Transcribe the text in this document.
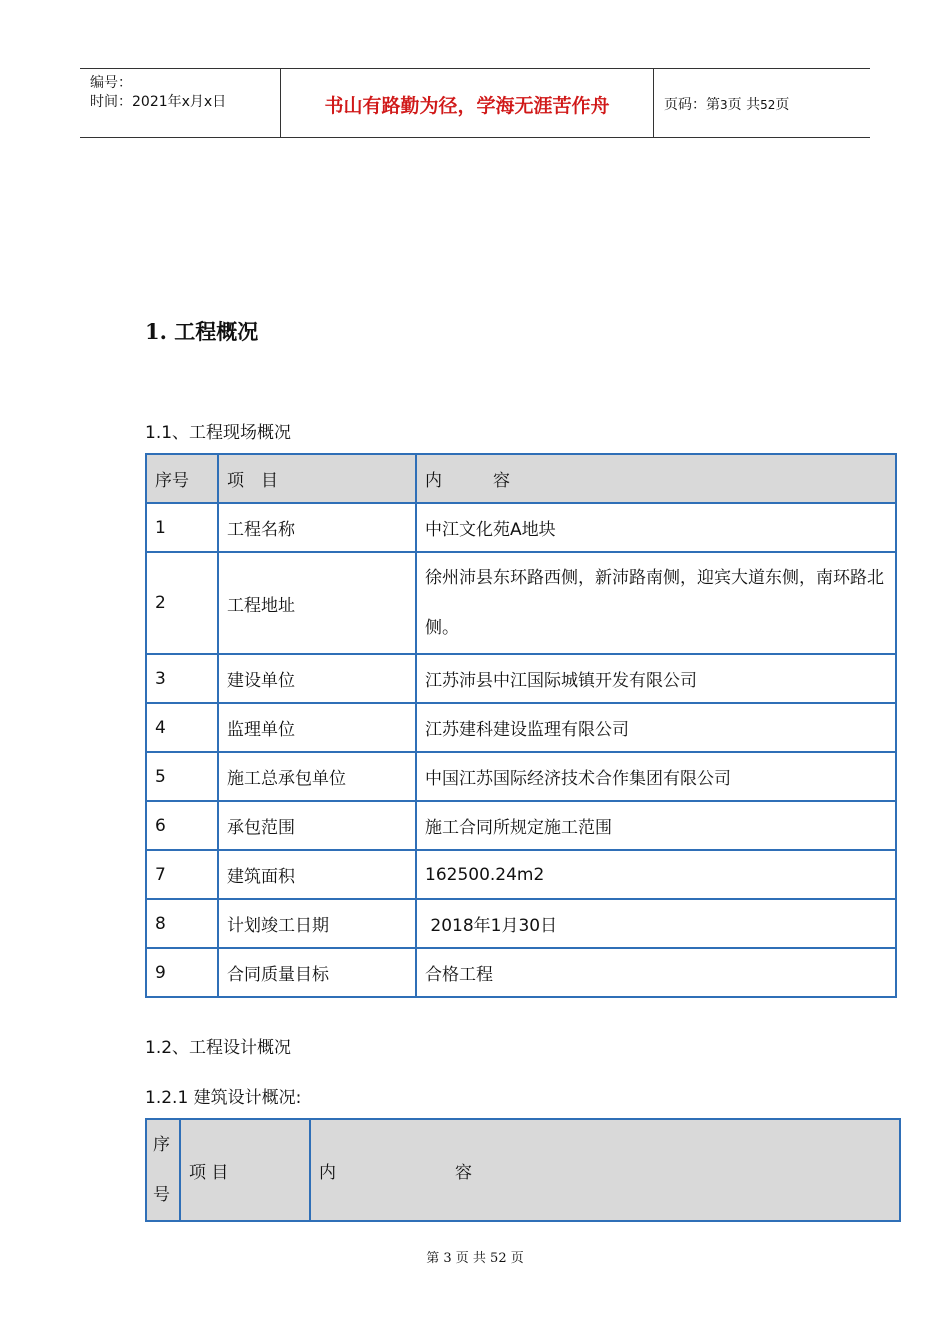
编号：
时间：2021年x月x日	书山有路勤为径，学海无涯苦作舟	页码：第3页 共52页
1. 工程概况
1.1、工程现场概况
序号	项　目	内　　　容
1	工程名称	中江文化苑A地块
2	工程地址	徐州沛县东环路西侧，新沛路南侧，迎宾大道东侧，南环路北侧。
3	建设单位	江苏沛县中江国际城镇开发有限公司
4	监理单位	江苏建科建设监理有限公司
5	施工总承包单位	中国江苏国际经济技术合作集团有限公司
6	承包范围	施工合同所规定施工范围
7	建筑面积	162500.24m2
8	计划竣工日期	2018年1月30日
9	合同质量目标	合格工程
1.2、工程设计概况
1.2.1 建筑设计概况:
序号	项 目	内　　　　　　　容
第 3 页 共 52 页
